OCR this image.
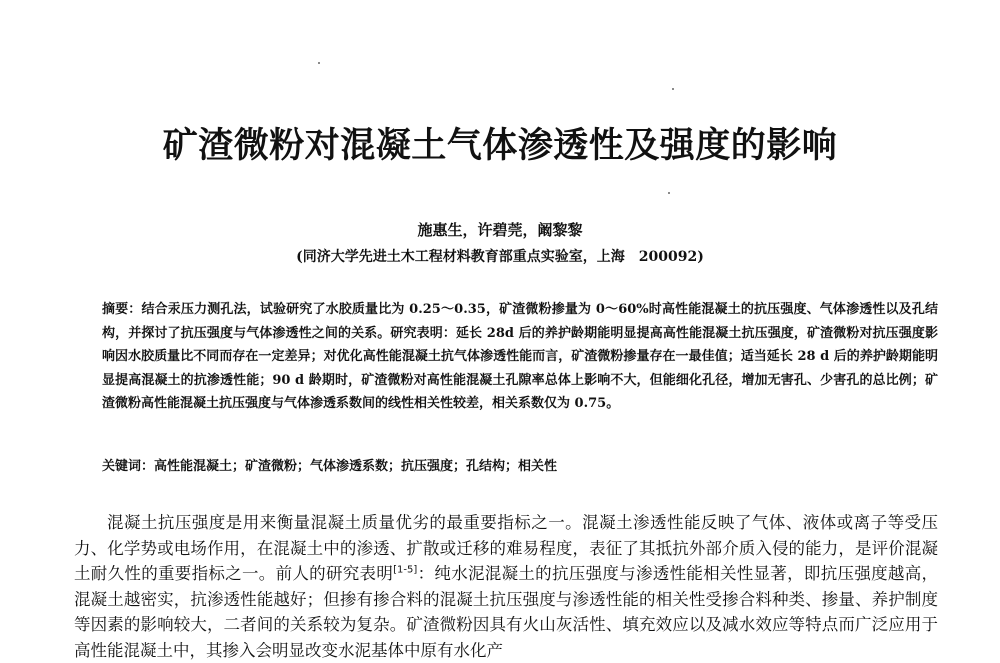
矿渣微粉对混凝土气体渗透性及强度的影响
施惠生，许碧莞，阚黎黎
(同济大学先进土木工程材料教育部重点实验室，上海　200092)
摘要：结合汞压力测孔法，试验研究了水胶质量比为 0.25～0.35，矿渣微粉掺量为 0～60%时高性能混凝土的抗压强度、气体渗透性以及孔结构，并探讨了抗压强度与气体渗透性之间的关系。研究表明：延长 28d 后的养护龄期能明显提高高性能混凝土抗压强度，矿渣微粉对抗压强度影响因水胶质量比不同而存在一定差异；对优化高性能混凝土抗气体渗透性能而言，矿渣微粉掺量存在一最佳值；适当延长 28 d 后的养护龄期能明显提高混凝土的抗渗透性能；90 d 龄期时，矿渣微粉对高性能混凝土孔隙率总体上影响不大，但能细化孔径，增加无害孔、少害孔的总比例；矿渣微粉高性能混凝土抗压强度与气体渗透系数间的线性相关性较差，相关系数仅为 0.75。
关键词：高性能混凝土；矿渣微粉；气体渗透系数；抗压强度；孔结构；相关性
混凝土抗压强度是用来衡量混凝土质量优劣的最重要指标之一。混凝土渗透性能反映了气体、液体或离子等受压力、化学势或电场作用，在混凝土中的渗透、扩散或迁移的难易程度，表征了其抵抗外部介质入侵的能力，是评价混凝土耐久性的重要指标之一。前人的研究表明[1-5]：纯水泥混凝土的抗压强度与渗透性能相关性显著，即抗压强度越高，混凝土越密实，抗渗透性能越好；但掺有掺合料的混凝土抗压强度与渗透性能的相关性受掺合料种类、掺量、养护制度等因素的影响较大，二者间的关系较为复杂。矿渣微粉因具有火山灰活性、填充效应以及减水效应等特点而广泛应用于高性能混凝土中，其掺入会明显改变水泥基体中原有水化产
